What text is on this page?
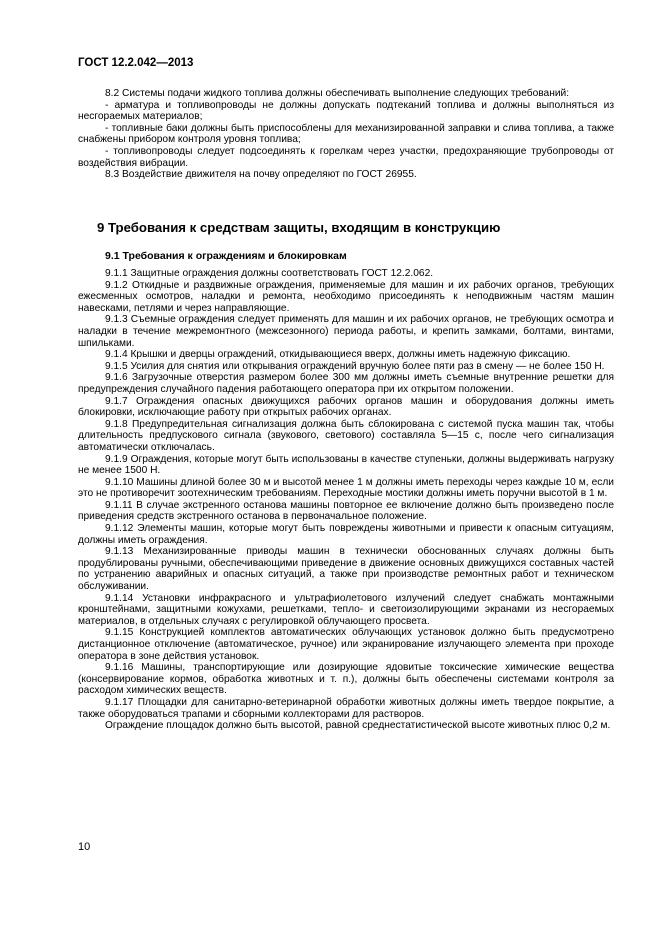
ГОСТ 12.2.042—2013

8.2 Системы подачи жидкого топлива должны обеспечивать выполнение следующих требований:

- арматура и топливопроводы не должны допускать подтеканий топлива и должны выполняться из несгораемых материалов;

- топливные баки должны быть приспособлены для механизированной заправки и слива топлива, а также снабжены прибором контроля уровня топлива;

- топливопроводы следует подсоединять к горелкам через участки, предохраняющие трубопроводы от воздействия вибрации.

8.3 Воздействие движителя на почву определяют по ГОСТ 26955.

9 Требования к средствам защиты, входящим в конструкцию
9.1 Требования к ограждениям и блокировкам

9.1.1 Защитные ограждения должны соответствовать ГОСТ 12.2.062.

9.1.2 Откидные и раздвижные ограждения, применяемые для машин и их рабочих органов, требующих ежесменных осмотров, наладки и ремонта, необходимо присоединять к неподвижным частям машин навесками, петлями и через направляющие.

9.1.3 Съемные ограждения следует применять для машин и их рабочих органов, не требующих осмотра и наладки в течение межремонтного (межсезонного) периода работы, и крепить замками, болтами, винтами, шпильками.

9.1.4 Крышки и дверцы ограждений, откидывающиеся вверх, должны иметь надежную фиксацию.

9.1.5 Усилия для снятия или открывания ограждений вручную более пяти раз в смену — не более 150 Н.

9.1.6 Загрузочные отверстия размером более 300 мм должны иметь съемные внутренние решетки для предупреждения случайного падения работающего оператора при их открытом положении.

9.1.7 Ограждения опасных движущихся рабочих органов машин и оборудования должны иметь блокировки, исключающие работу при открытых рабочих органах.

9.1.8 Предупредительная сигнализация должна быть сблокирована с системой пуска машин так, чтобы длительность предпускового сигнала (звукового, светового) составляла 5—15 с, после чего сигнализация автоматически отключалась.

9.1.9 Ограждения, которые могут быть использованы в качестве ступеньки, должны выдерживать нагрузку не менее 1500 Н.

9.1.10 Машины длиной более 30 м и высотой менее 1 м должны иметь переходы через каждые 10 м, если это не противоречит зоотехническим требованиям. Переходные мостики должны иметь поручни высотой в 1 м.

9.1.11 В случае экстренного останова машины повторное ее включение должно быть произведено после приведения средств экстренного останова в первоначальное положение.

9.1.12 Элементы машин, которые могут быть повреждены животными и привести к опасным ситуациям, должны иметь ограждения.

9.1.13 Механизированные приводы машин в технически обоснованных случаях должны быть продублированы ручными, обеспечивающими приведение в движение основных движущихся составных частей по устранению аварийных и опасных ситуаций, а также при производстве ремонтных работ и техническом обслуживании.

9.1.14 Установки инфракрасного и ультрафиолетового излучений следует снабжать монтажными кронштейнами, защитными кожухами, решетками, тепло- и светоизолирующими экранами из несгораемых материалов, в отдельных случаях с регулировкой облучающего просвета.

9.1.15 Конструкцией комплектов автоматических облучающих установок должно быть предусмотрено дистанционное отключение (автоматическое, ручное) или экранирование излучающего элемента при проходе оператора в зоне действия установок.

9.1.16 Машины, транспортирующие или дозирующие ядовитые токсические химические вещества (консервирование кормов, обработка животных и т. п.), должны быть обеспечены системами контроля за расходом химических веществ.

9.1.17 Площадки для санитарно-ветеринарной обработки животных должны иметь твердое покрытие, а также оборудоваться трапами и сборными коллекторами для растворов.

Ограждение площадок должно быть высотой, равной среднестатистической высоте животных плюс 0,2 м.

10
